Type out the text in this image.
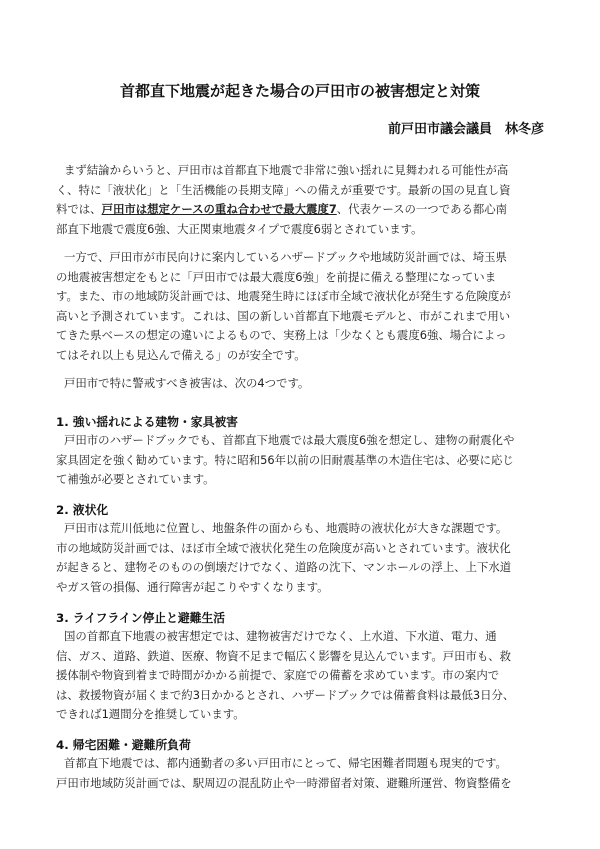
首都直下地震が起きた場合の戸田市の被害想定と対策
前戸田市議会議員　林冬彦
まず結論からいうと、戸田市は首都直下地震で非常に強い揺れに見舞われる可能性が高
く、特に「液状化」と「生活機能の長期支障」への備えが重要です。最新の国の見直し資
料では、戸田市は想定ケースの重ね合わせで最大震度7、代表ケースの一つである都心南
部直下地震で震度6強、大正関東地震タイプで震度6弱とされています。
一方で、戸田市が市民向けに案内しているハザードブックや地域防災計画では、埼玉県
の地震被害想定をもとに「戸田市では最大震度6強」を前提に備える整理になっていま
す。また、市の地域防災計画では、地震発生時にほぼ市全域で液状化が発生する危険度が
高いと予測されています。これは、国の新しい首都直下地震モデルと、市がこれまで用い
てきた県ベースの想定の違いによるもので、実務上は「少なくとも震度6強、場合によっ
てはそれ以上も見込んで備える」のが安全です。
戸田市で特に警戒すべき被害は、次の4つです。
1. 強い揺れによる建物・家具被害
戸田市のハザードブックでも、首都直下地震では最大震度6強を想定し、建物の耐震化や
家具固定を強く勧めています。特に昭和56年以前の旧耐震基準の木造住宅は、必要に応じ
て補強が必要とされています。
2. 液状化
戸田市は荒川低地に位置し、地盤条件の面からも、地震時の液状化が大きな課題です。
市の地域防災計画では、ほぼ市全域で液状化発生の危険度が高いとされています。液状化
が起きると、建物そのものの倒壊だけでなく、道路の沈下、マンホールの浮上、上下水道
やガス管の損傷、通行障害が起こりやすくなります。
3. ライフライン停止と避難生活
国の首都直下地震の被害想定では、建物被害だけでなく、上水道、下水道、電力、通
信、ガス、道路、鉄道、医療、物資不足まで幅広く影響を見込んでいます。戸田市も、救
援体制や物資到着まで時間がかかる前提で、家庭での備蓄を求めています。市の案内で
は、救援物資が届くまで約3日かかるとされ、ハザードブックでは備蓄食料は最低3日分、
できれば1週間分を推奨しています。
4. 帰宅困難・避難所負荷
首都直下地震では、都内通勤者の多い戸田市にとって、帰宅困難者問題も現実的です。
戸田市地域防災計画では、駅周辺の混乱防止や一時滞留者対策、避難所運営、物資整備を
